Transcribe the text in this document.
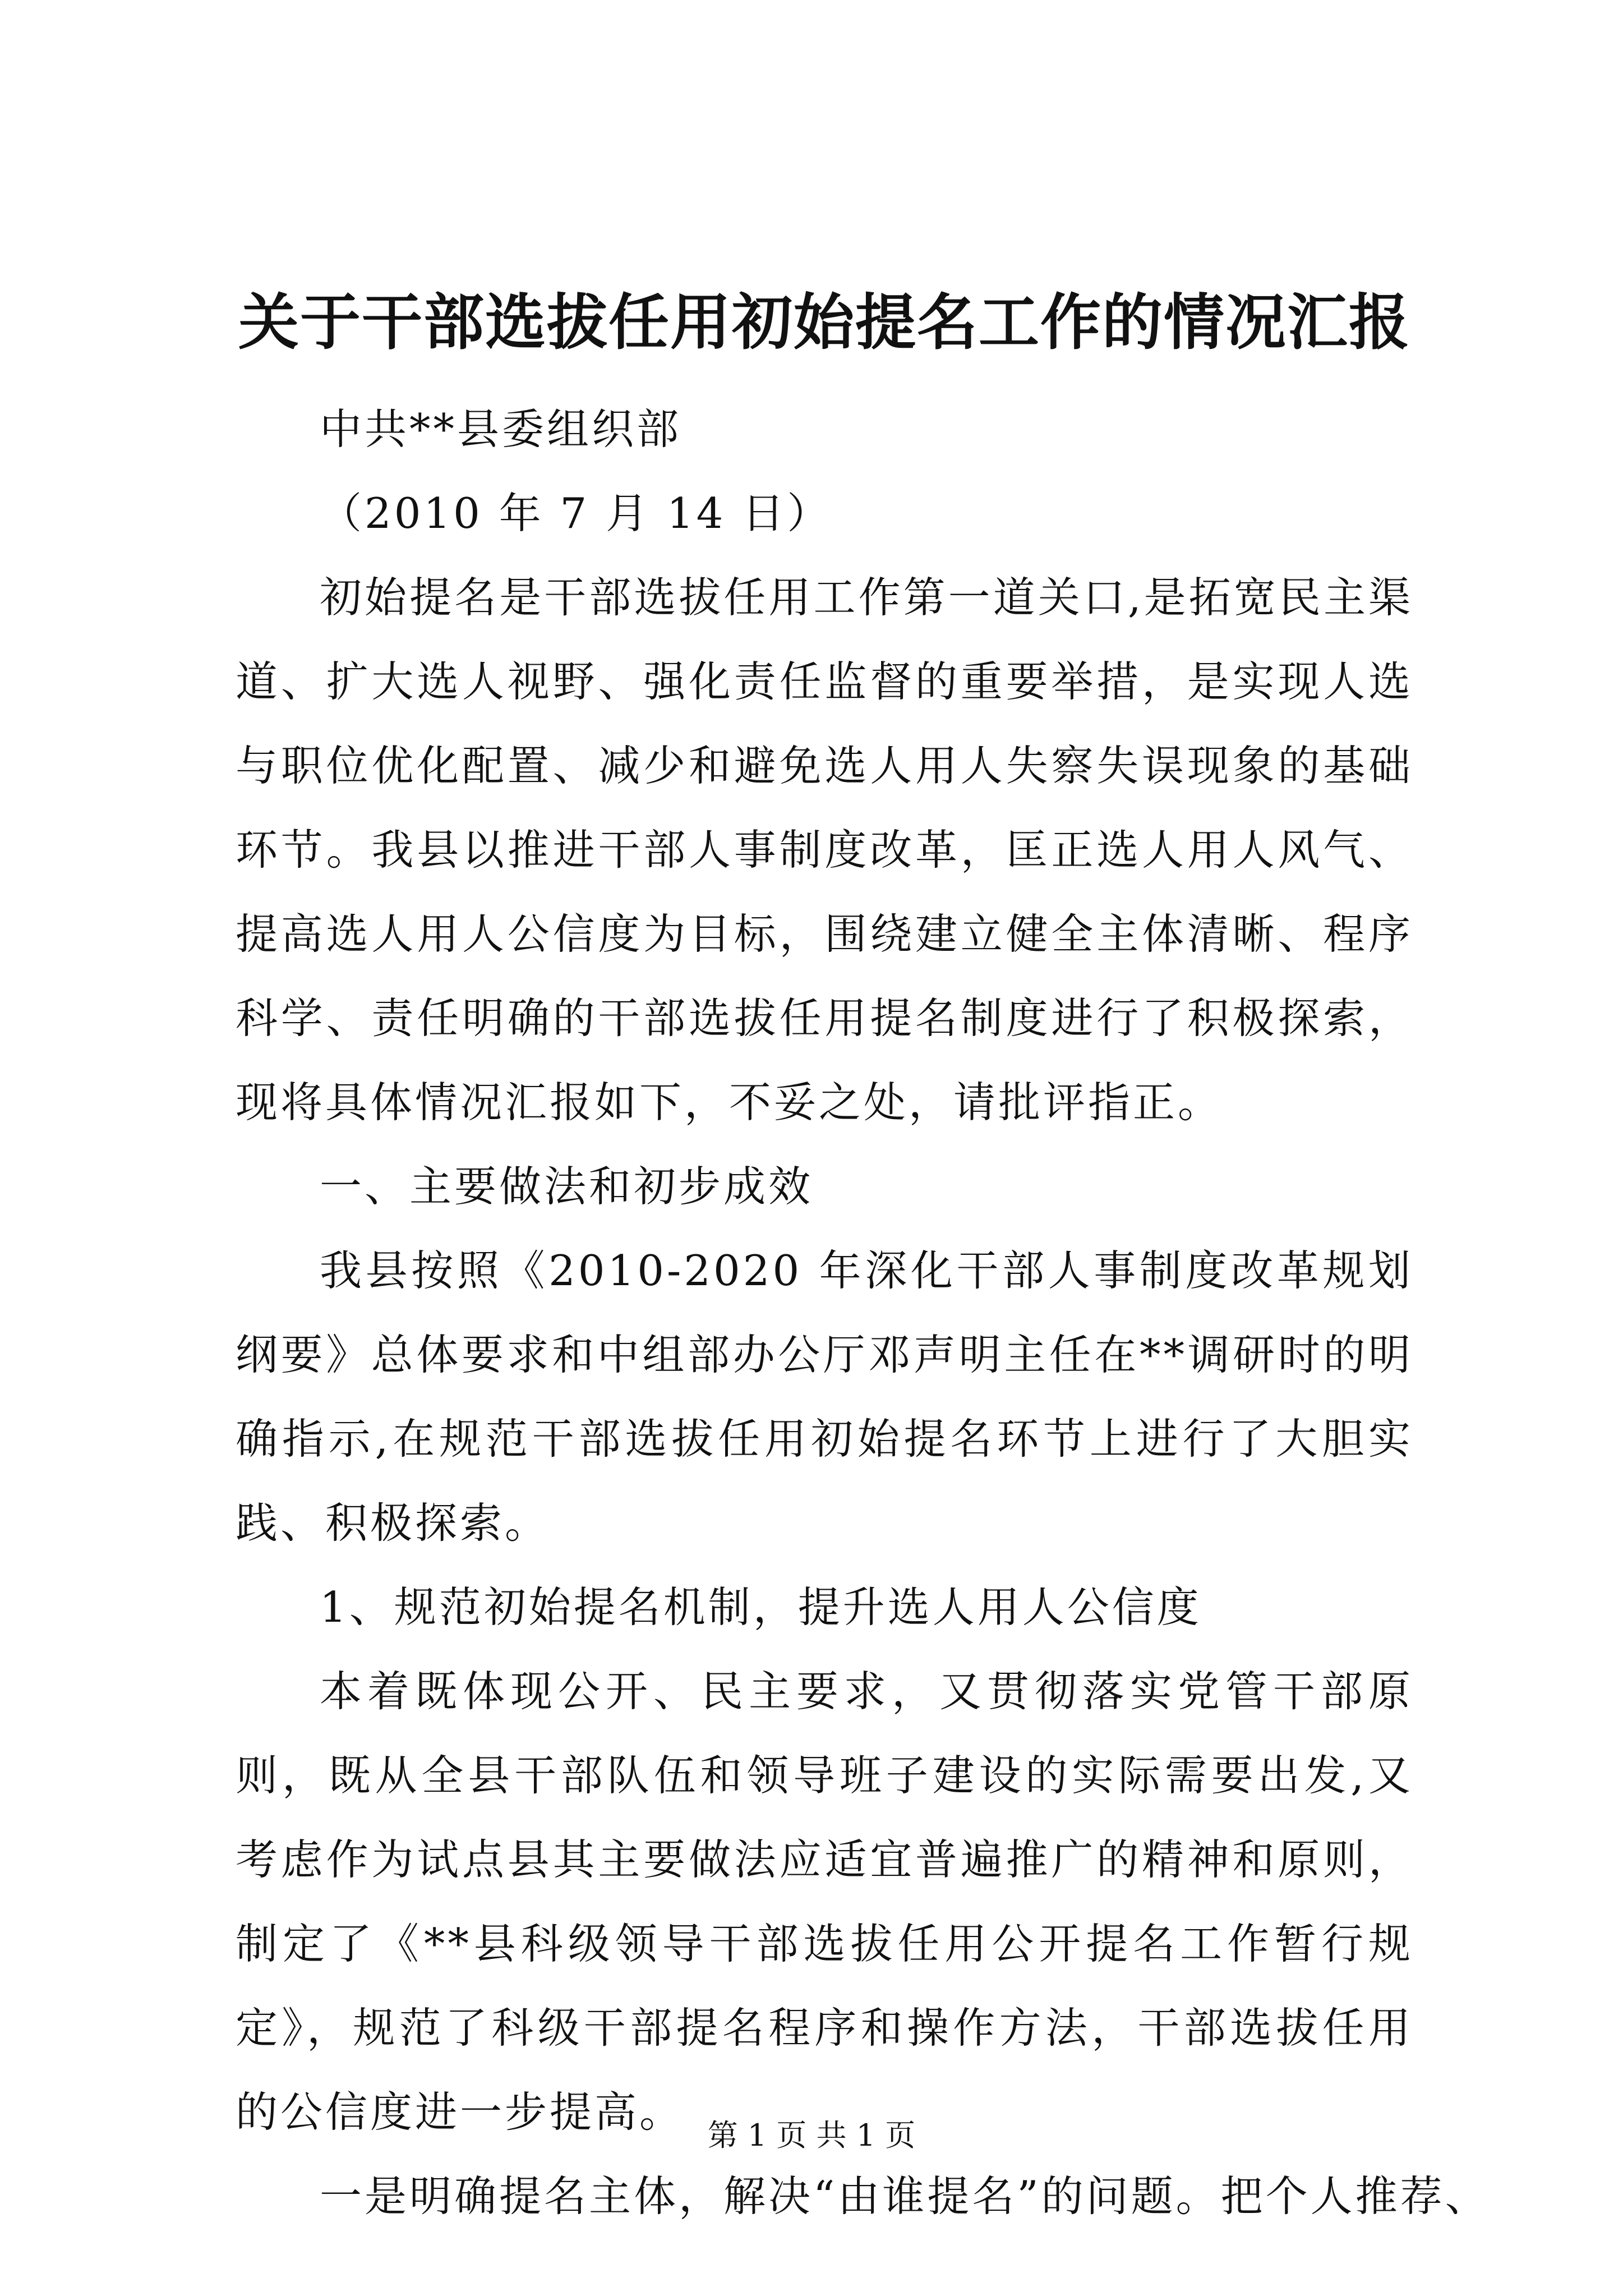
关于干部选拔任用初始提名工作的情况汇报

中共**县委组织部

（2010 年 7 月 14 日）

初始提名是干部选拔任用工作第一道关口,是拓宽民主渠道、扩大选人视野、强化责任监督的重要举措，是实现人选与职位优化配置、减少和避免选人用人失察失误现象的基础环节。我县以推进干部人事制度改革，匡正选人用人风气、提高选人用人公信度为目标，围绕建立健全主体清晰、程序科学、责任明确的干部选拔任用提名制度进行了积极探索，现将具体情况汇报如下，不妥之处，请批评指正。

一、主要做法和初步成效

我县按照《2010-2020 年深化干部人事制度改革规划纲要》总体要求和中组部办公厅邓声明主任在**调研时的明确指示,在规范干部选拔任用初始提名环节上进行了大胆实践、积极探索。

1、规范初始提名机制，提升选人用人公信度

本着既体现公开、民主要求，又贯彻落实党管干部原则，既从全县干部队伍和领导班子建设的实际需要出发,又考虑作为试点县其主要做法应适宜普遍推广的精神和原则，制定了《**县科级领导干部选拔任用公开提名工作暂行规定》，规范了科级干部提名程序和操作方法，干部选拔任用的公信度进一步提高。

一是明确提名主体，解决“由谁提名”的问题。把个人推荐、

第 1 页 共 1 页
